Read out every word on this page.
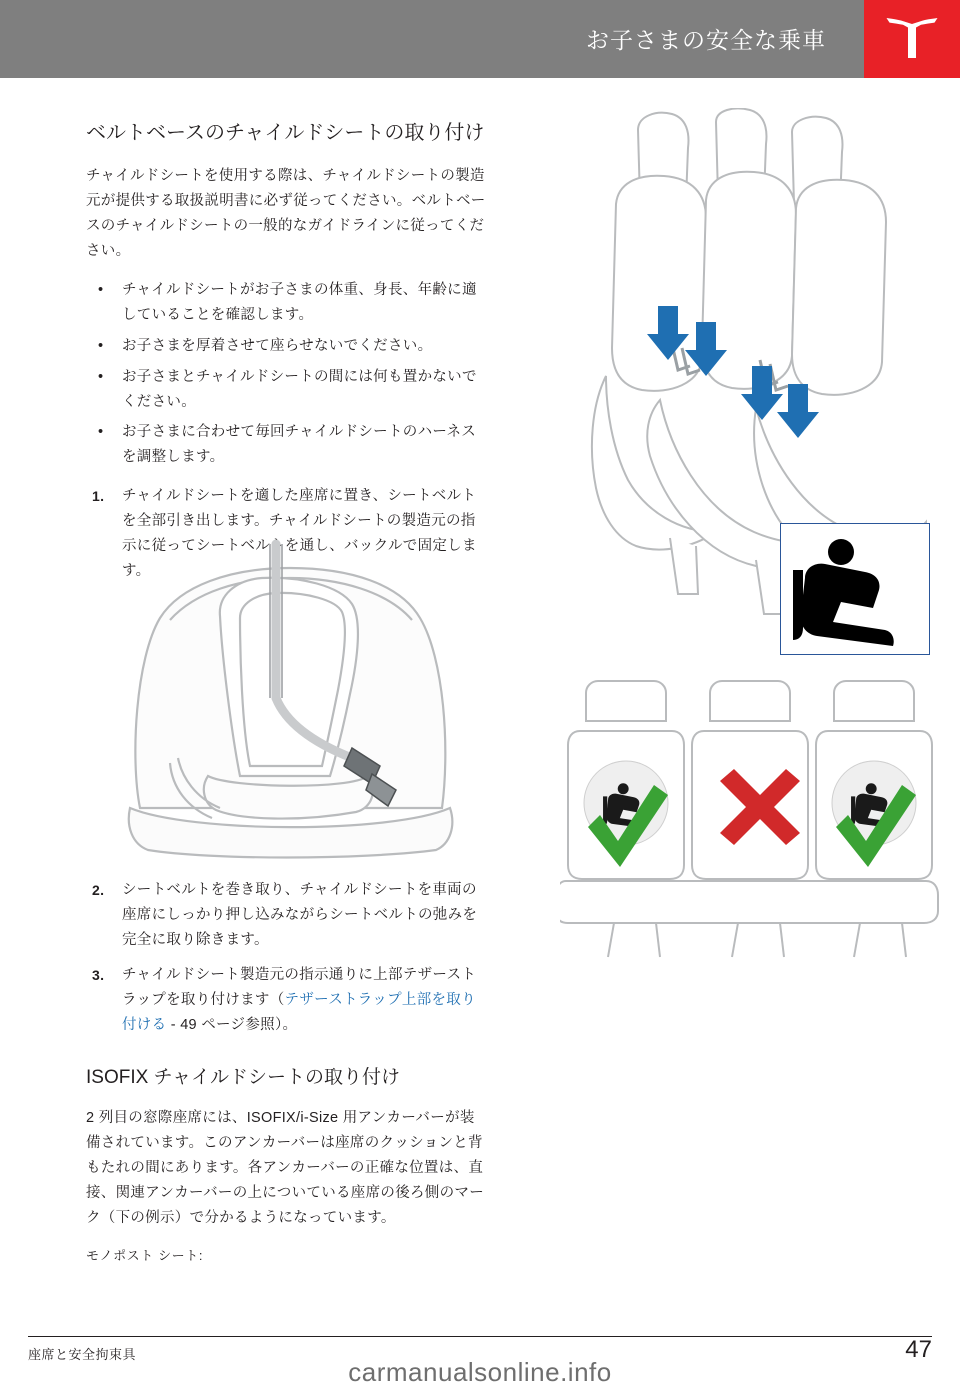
お子さまの安全な乗車
ベルトベースのチャイルドシートの取り付け

チャイルドシートを使用する際は、チャイルドシートの製造元が提供する取扱説明書に必ず従ってください。ベルトベースのチャイルドシートの一般的なガイドラインに従ってください。

• チャイルドシートがお子さまの体重、身長、年齢に適していることを確認します。
• お子さまを厚着させて座らせないでください。
• お子さまとチャイルドシートの間には何も置かないでください。
• お子さまに合わせて毎回チャイルドシートのハーネスを調整します。
1. チャイルドシートを適した座席に置き、シートベルトを全部引き出します。チャイルドシートの製造元の指示に従ってシートベルトを通し、バックルで固定します。
2. シートベルトを巻き取り、チャイルドシートを車両の座席にしっかり押し込みながらシートベルトの弛みを完全に取り除きます。
3. チャイルドシート製造元の指示通りに上部テザーストラップを取り付けます（テザーストラップ上部を取り付ける - 49 ページ参照）。
ISOFIX チャイルドシートの取り付け

2 列目の窓際座席には、ISOFIX/i-Size 用アンカーバーが装備されています。このアンカーバーは座席のクッションと背もたれの間にあります。各アンカーバーの正確な位置は、直接、関連アンカーバーの上についている座席の後ろ側のマーク（下の例示）で分かるようになっています。

モノポスト シート:

座席と安全拘束具	47
carmanualsonline.info
